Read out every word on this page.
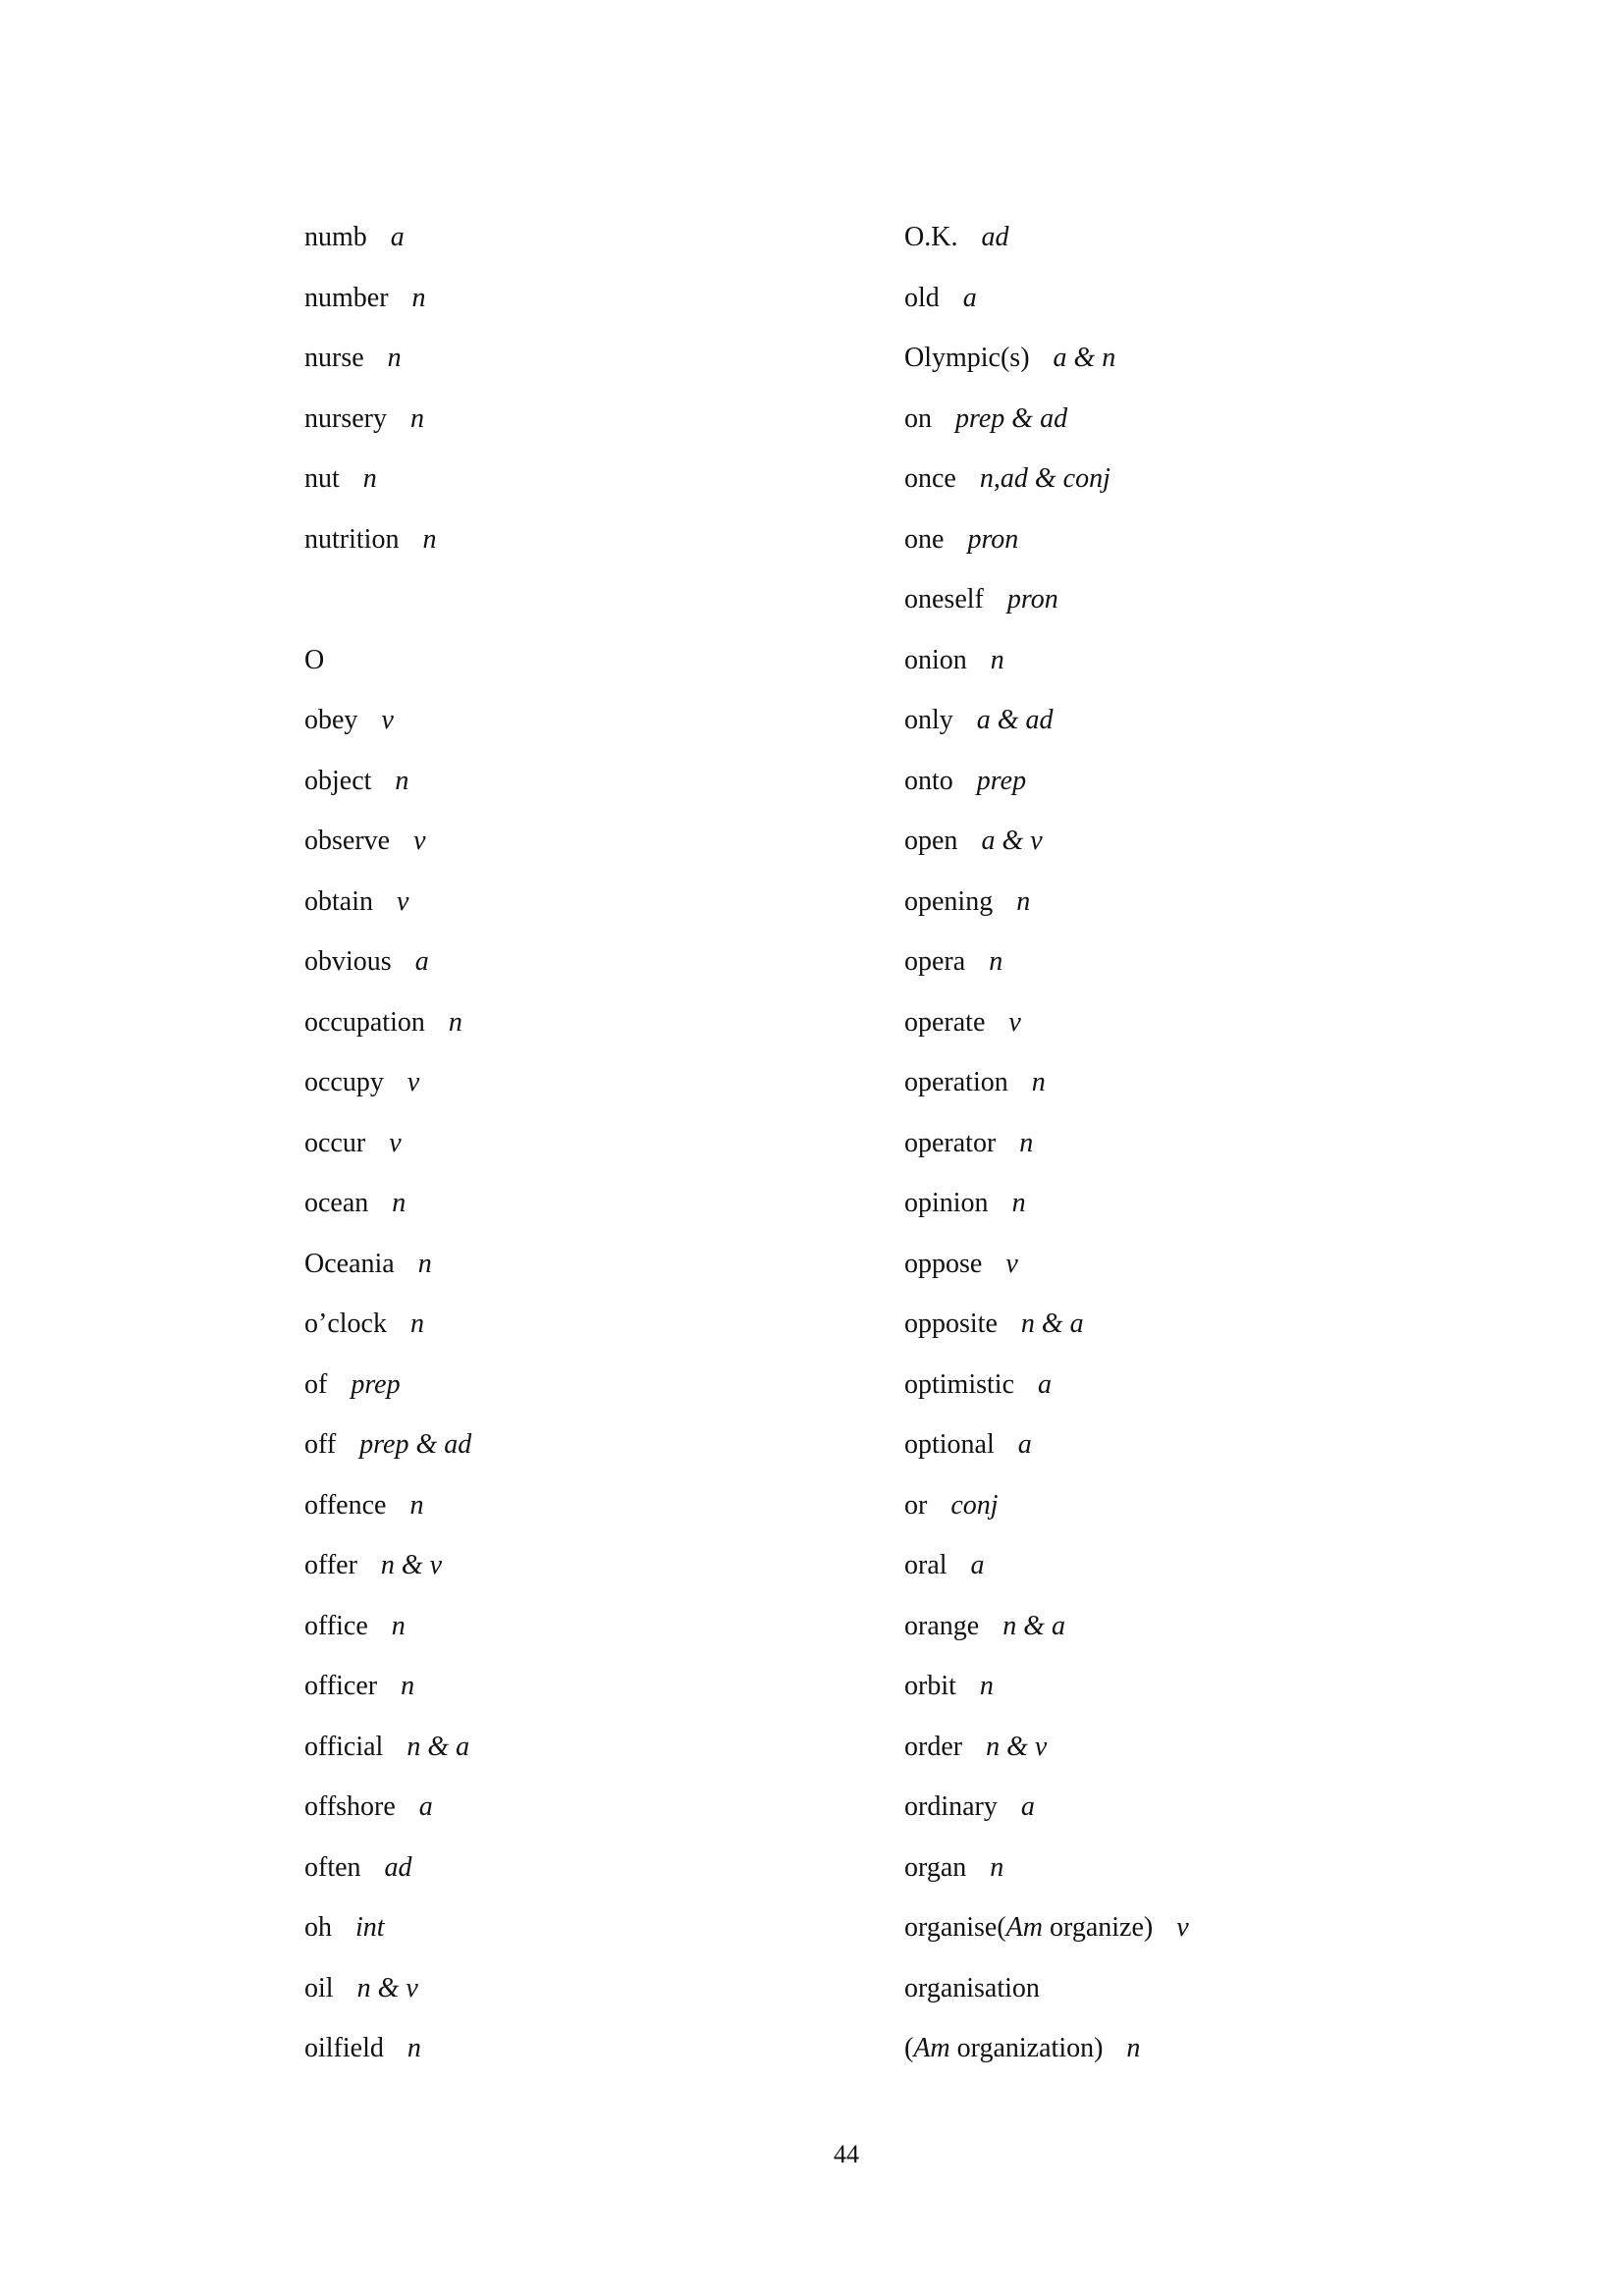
numb a
number n
nurse n
nursery n
nut n
nutrition n
O
obey v
object n
observe v
obtain v
obvious a
occupation n
occupy v
occur v
ocean n
Oceania n
o’clock n
of prep
off prep & ad
offence n
offer n & v
office n
officer n
official n & a
offshore a
often ad
oh int
oil n & v
oilfield n
O.K. ad
old a
Olympic(s) a & n
on prep & ad
once n,ad & conj
one pron
oneself pron
onion n
only a & ad
onto prep
open a & v
opening n
opera n
operate v
operation n
operator n
opinion n
oppose v
opposite n & a
optimistic a
optional a
or conj
oral a
orange n & a
orbit n
order n & v
ordinary a
organ n
organise(Am organize) v
organisation
(Am organization) n
44
